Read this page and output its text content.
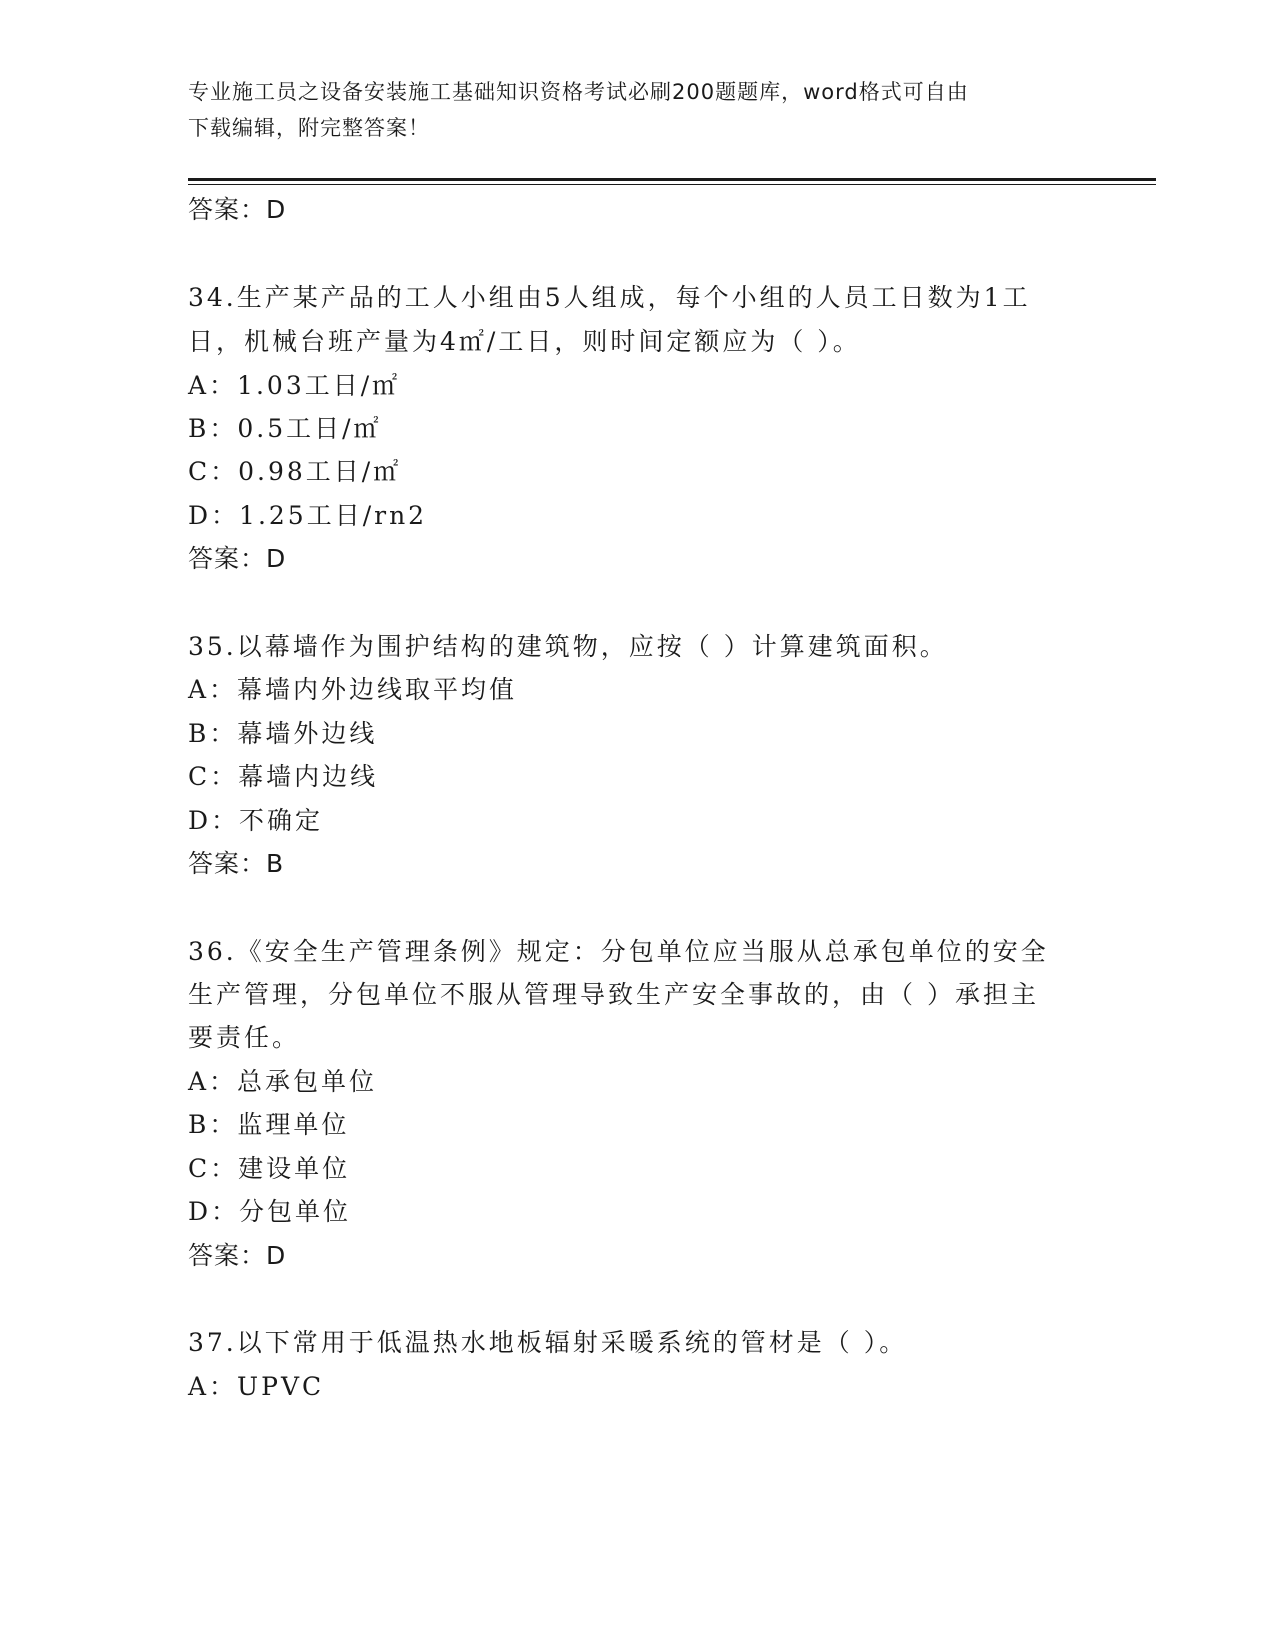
专业施工员之设备安装施工基础知识资格考试必刷200题题库，word格式可自由
下载编辑，附完整答案！
答案：D
34.生产某产品的工人小组由5人组成，每个小组的人员工日数为1工
日，机械台班产量为4㎡/工日，则时间定额应为（ ）。
A：1.03工日/㎡
B：0.5工日/㎡
C：0.98工日/㎡
D：1.25工日/rn2
答案：D
35.以幕墙作为围护结构的建筑物，应按（ ）计算建筑面积。
A：幕墙内外边线取平均值
B：幕墙外边线
C：幕墙内边线
D：不确定
答案：B
36.《安全生产管理条例》规定：分包单位应当服从总承包单位的安全
生产管理，分包单位不服从管理导致生产安全事故的，由（ ）承担主
要责任。
A：总承包单位
B：监理单位
C：建设单位
D：分包单位
答案：D
37.以下常用于低温热水地板辐射采暖系统的管材是（ ）。
A：UPVC
